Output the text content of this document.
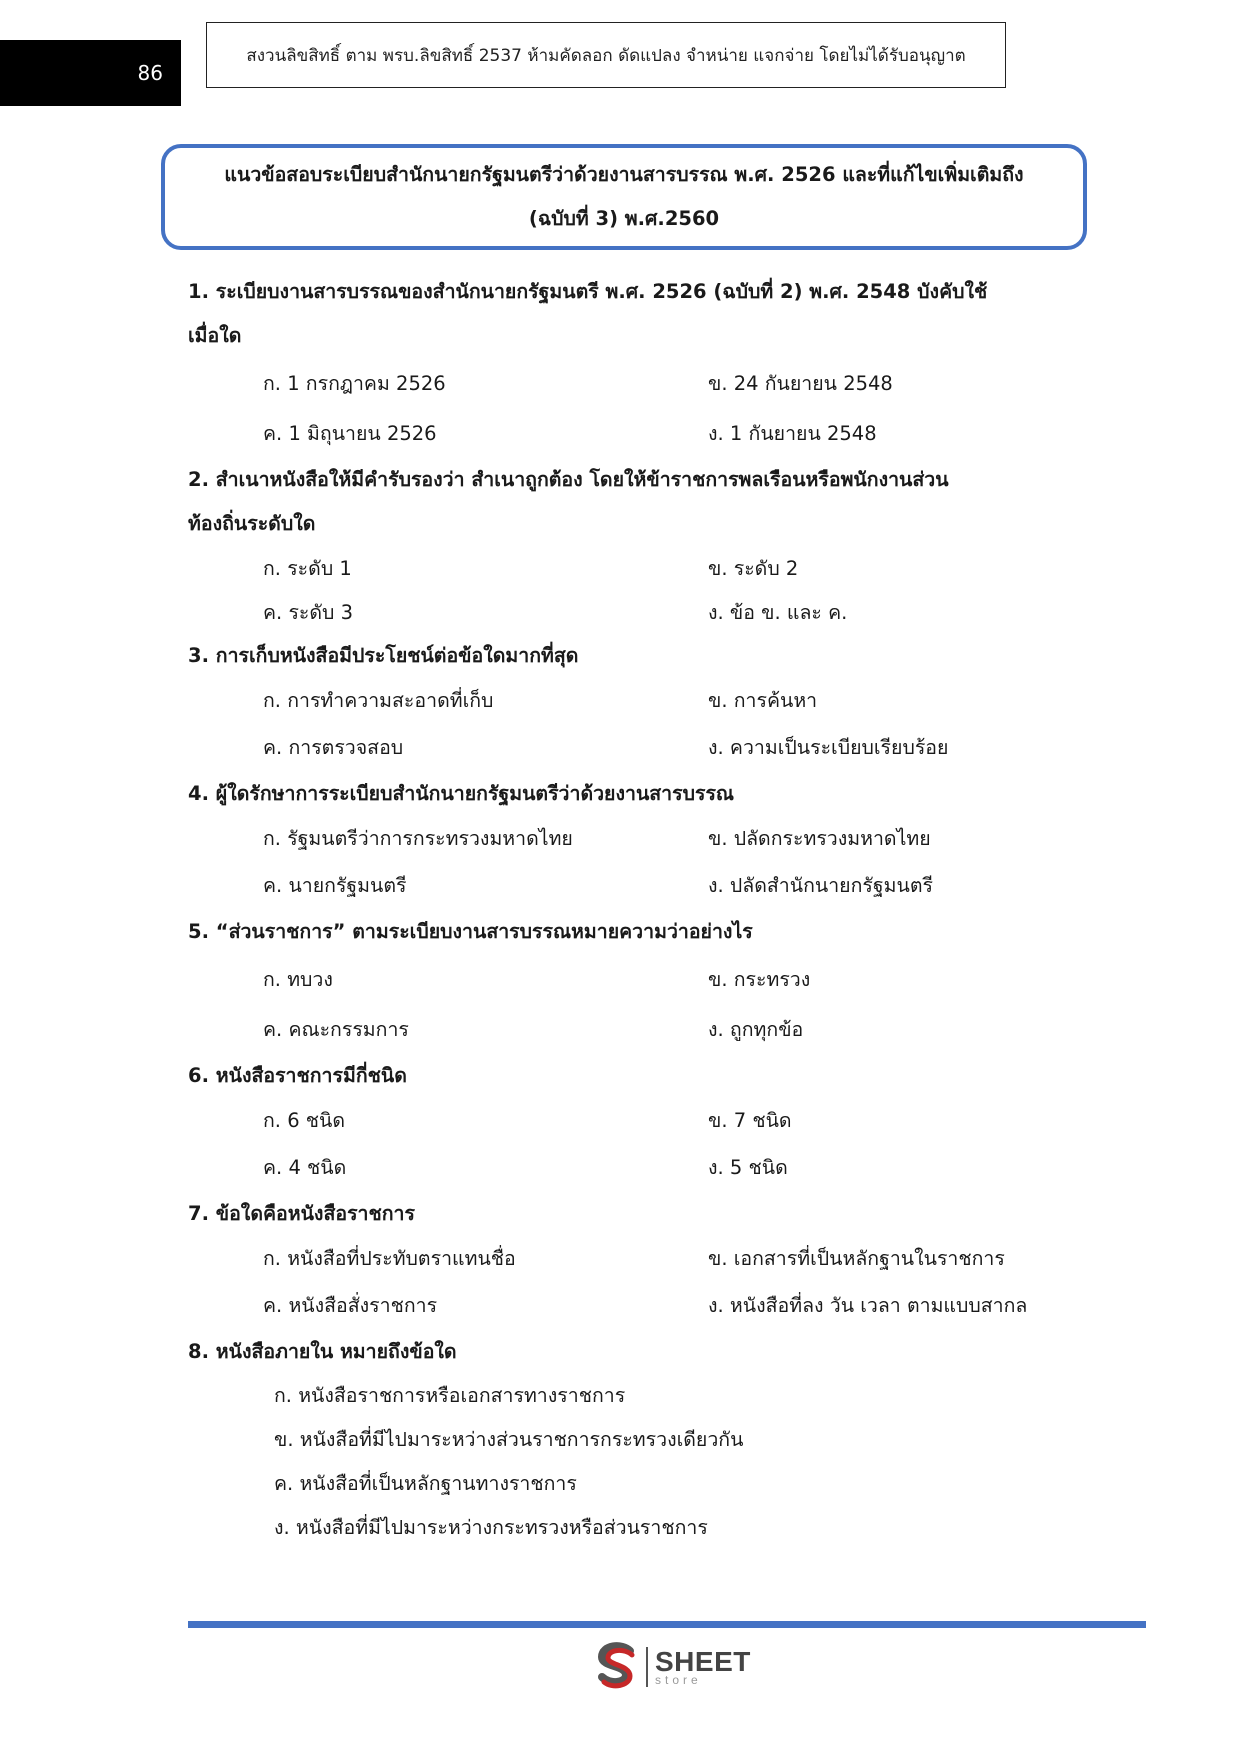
86
สงวนลิขสิทธิ์ ตาม พรบ.ลิขสิทธิ์ 2537 ห้ามคัดลอก ดัดแปลง จำหน่าย แจกจ่าย โดยไม่ได้รับอนุญาต
แนวข้อสอบระเบียบสำนักนายกรัฐมนตรีว่าด้วยงานสารบรรณ พ.ศ. 2526 และที่แก้ไขเพิ่มเติมถึง
(ฉบับที่ 3) พ.ศ.2560
1. ระเบียบงานสารบรรณของสำนักนายกรัฐมนตรี พ.ศ. 2526 (ฉบับที่ 2) พ.ศ. 2548 บังคับใช้
เมื่อใด
ก. 1 กรกฎาคม 2526	ข. 24 กันยายน 2548
ค. 1 มิถุนายน 2526	ง. 1 กันยายน 2548
2. สำเนาหนังสือให้มีคำรับรองว่า สำเนาถูกต้อง โดยให้ข้าราชการพลเรือนหรือพนักงานส่วน
ท้องถิ่นระดับใด
ก. ระดับ 1	ข. ระดับ 2
ค. ระดับ 3	ง. ข้อ ข. และ ค.
3. การเก็บหนังสือมีประโยชน์ต่อข้อใดมากที่สุด
ก. การทำความสะอาดที่เก็บ	ข. การค้นหา
ค. การตรวจสอบ	ง. ความเป็นระเบียบเรียบร้อย
4. ผู้ใดรักษาการระเบียบสำนักนายกรัฐมนตรีว่าด้วยงานสารบรรณ
ก. รัฐมนตรีว่าการกระทรวงมหาดไทย	ข. ปลัดกระทรวงมหาดไทย
ค. นายกรัฐมนตรี	ง. ปลัดสำนักนายกรัฐมนตรี
5. “ส่วนราชการ” ตามระเบียบงานสารบรรณหมายความว่าอย่างไร
ก. ทบวง	ข. กระทรวง
ค. คณะกรรมการ	ง. ถูกทุกข้อ
6. หนังสือราชการมีกี่ชนิด
ก. 6 ชนิด	ข. 7 ชนิด
ค. 4 ชนิด	ง. 5 ชนิด
7. ข้อใดคือหนังสือราชการ
ก. หนังสือที่ประทับตราแทนชื่อ	ข. เอกสารที่เป็นหลักฐานในราชการ
ค. หนังสือสั่งราชการ	ง. หนังสือที่ลง วัน เวลา ตามแบบสากล
8. หนังสือภายใน หมายถึงข้อใด
ก. หนังสือราชการหรือเอกสารทางราชการ
ข. หนังสือที่มีไปมาระหว่างส่วนราชการกระทรวงเดียวกัน
ค. หนังสือที่เป็นหลักฐานทางราชการ
ง. หนังสือที่มีไปมาระหว่างกระทรวงหรือส่วนราชการ
SHEET
store
